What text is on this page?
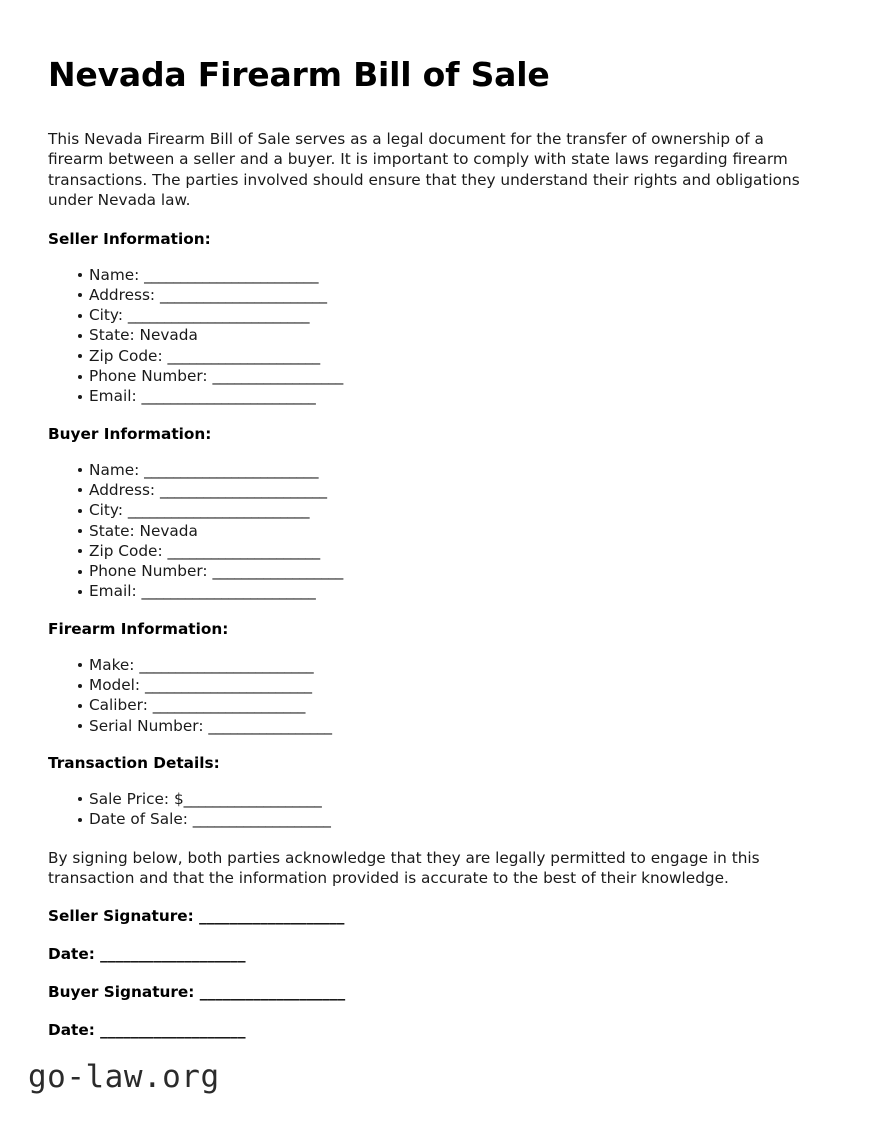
Nevada Firearm Bill of Sale

This Nevada Firearm Bill of Sale serves as a legal document for the transfer of ownership of a firearm between a seller and a buyer. It is important to comply with state laws regarding firearm transactions. The parties involved should ensure that they understand their rights and obligations under Nevada law.

Seller Information:
Name: ________________________
Address: _______________________
City: _________________________
State: Nevada
Zip Code: _____________________
Phone Number: __________________
Email: ________________________
Buyer Information:
Name: ________________________
Address: _______________________
City: _________________________
State: Nevada
Zip Code: _____________________
Phone Number: __________________
Email: ________________________
Firearm Information:
Make: ________________________
Model: _______________________
Caliber: _____________________
Serial Number: _________________
Transaction Details:
Sale Price: $___________________
Date of Sale: ___________________

By signing below, both parties acknowledge that they are legally permitted to engage in this transaction and that the information provided is accurate to the best of their knowledge.

Seller Signature: ___________________
Date: ___________________
Buyer Signature: ___________________
Date: ___________________
go-law.org
